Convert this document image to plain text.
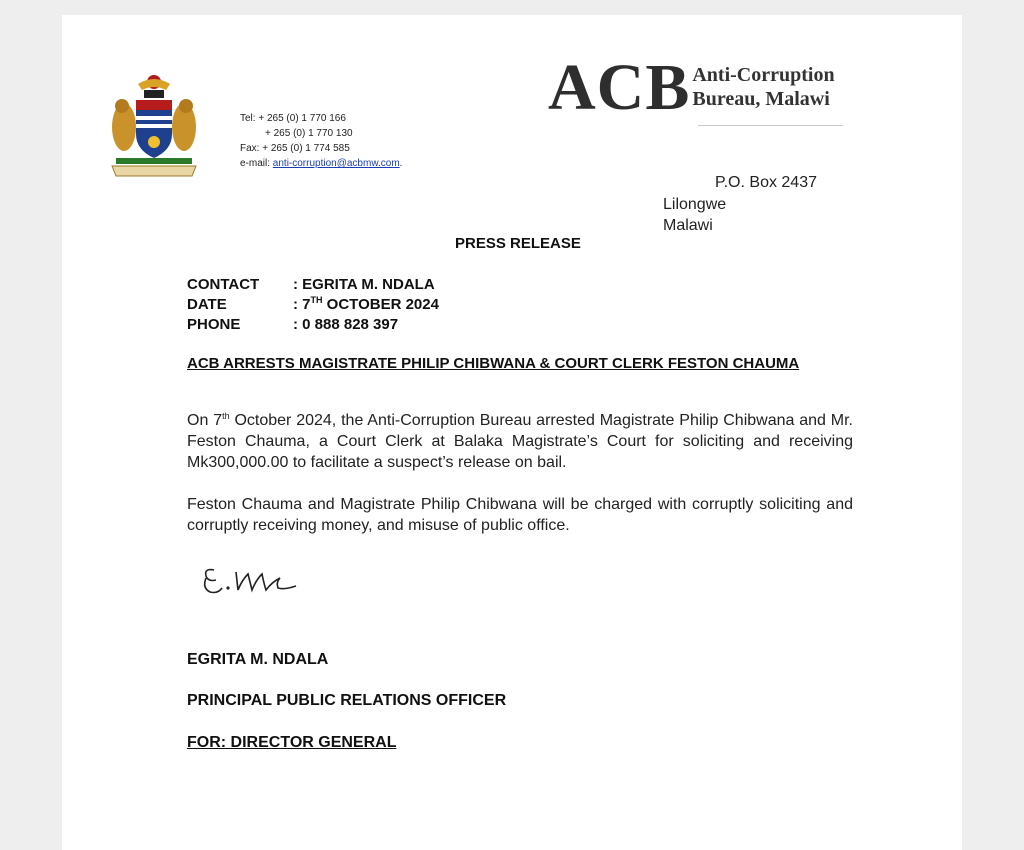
Tel: + 265 (0) 1 770 166
+ 265 (0) 1 770 130
Fax: + 265 (0) 1 774 585
e-mail: anti-corruption@acbmw.com.
ACB Anti-Corruption
Bureau, Malawi
P.O. Box 2437
Lilongwe
Malawi
PRESS RELEASE
CONTACT	: EGRITA M. NDALA
DATE	: 7TH OCTOBER 2024
PHONE	: 0 888 828 397
ACB ARRESTS MAGISTRATE PHILIP CHIBWANA & COURT CLERK FESTON CHAUMA
On 7th October 2024, the Anti-Corruption Bureau arrested Magistrate Philip Chibwana and Mr. Feston Chauma, a Court Clerk at Balaka Magistrate’s Court for soliciting and receiving Mk300,000.00 to facilitate a suspect’s release on bail.
Feston Chauma and Magistrate Philip Chibwana will be charged with corruptly soliciting and corruptly receiving money, and misuse of public office.
EGRITA M. NDALA
PRINCIPAL PUBLIC RELATIONS OFFICER
FOR: DIRECTOR GENERAL
